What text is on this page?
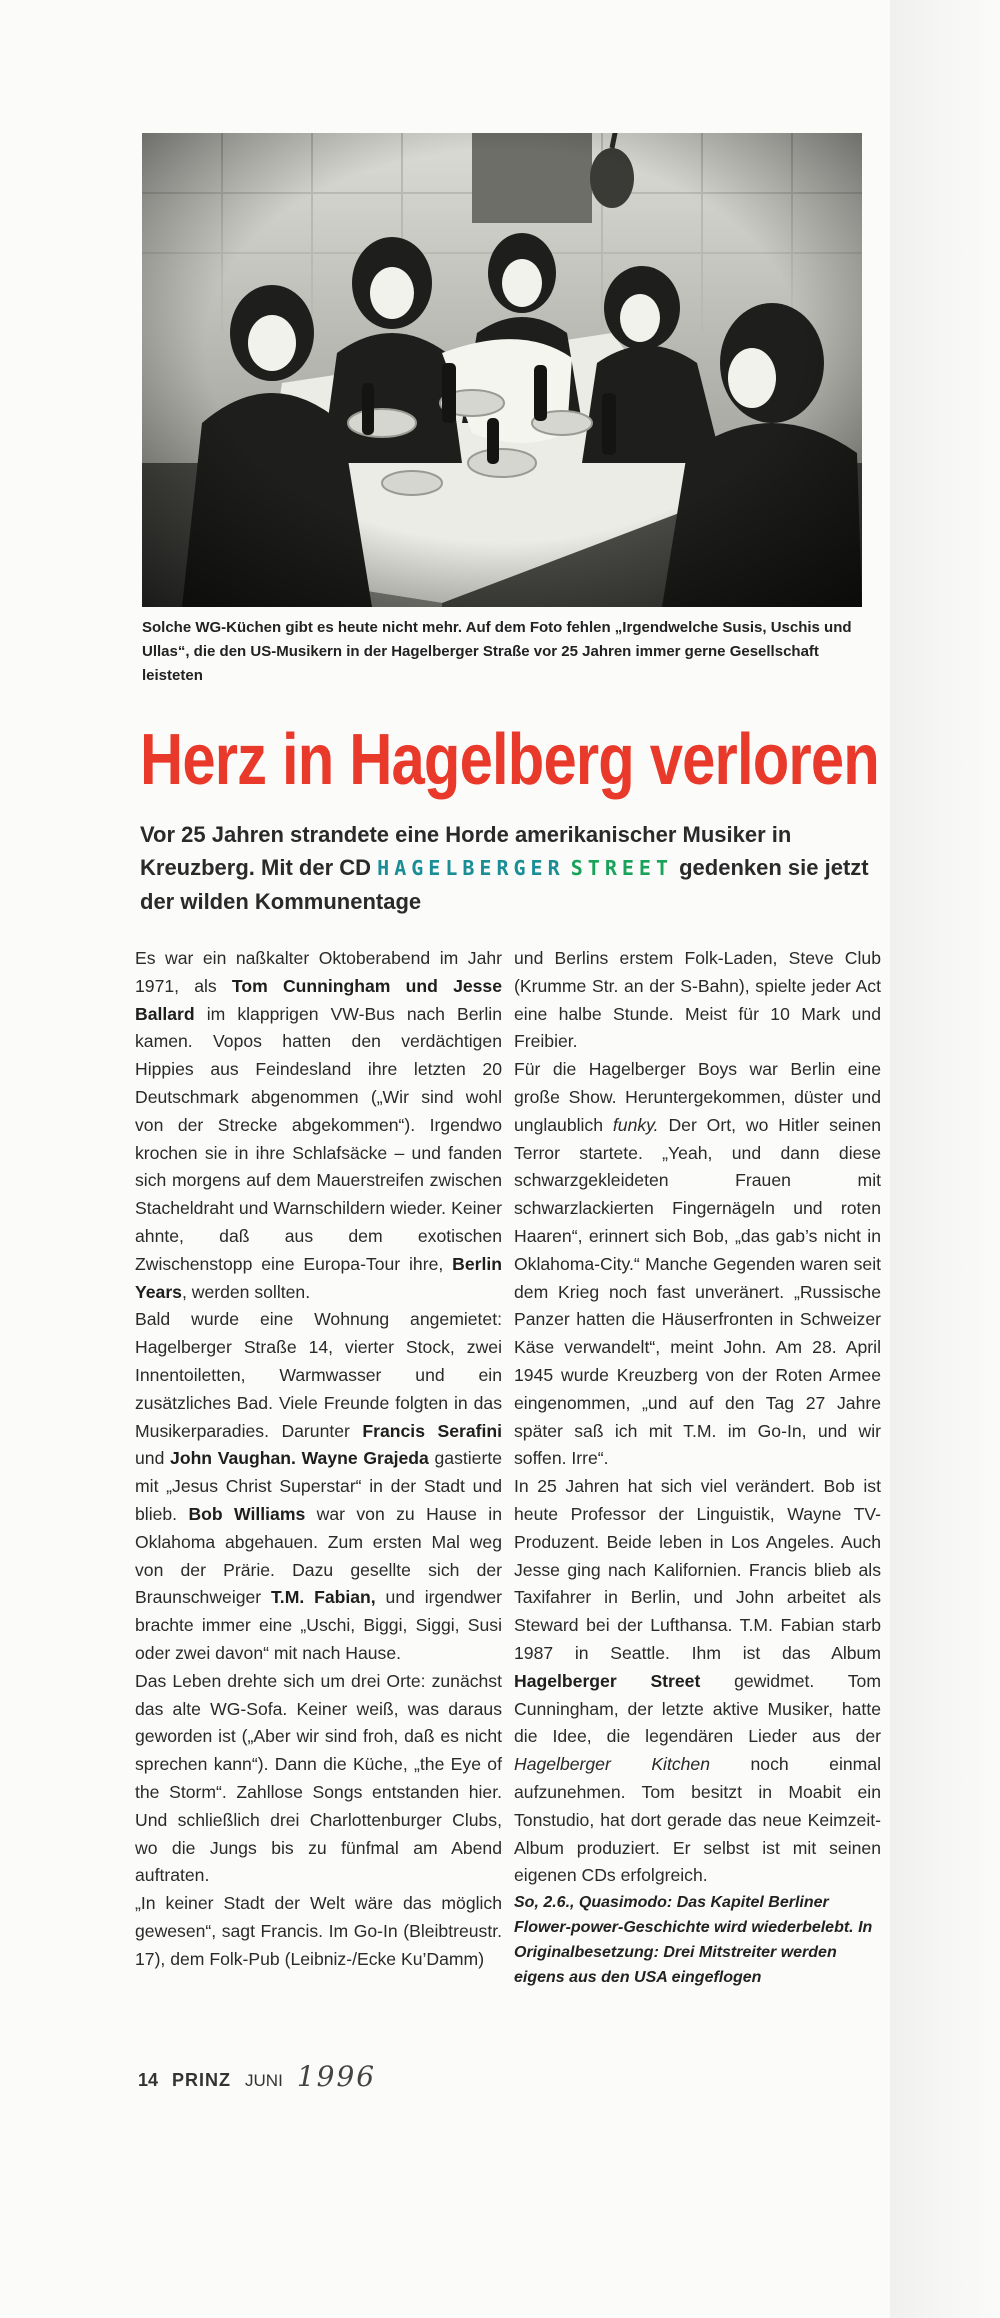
Solche WG-Küchen gibt es heute nicht mehr. Auf dem Foto fehlen „Irgendwelche Susis, Uschis und Ullas“, die den US-Musikern in der Hagelberger Straße vor 25 Jahren immer gerne Gesellschaft leisteten
Herz in Hagelberg verloren
Vor 25 Jahren strandete eine Horde amerikanischer Musiker in Kreuzberg. Mit der CD HAGELBERGER STREET gedenken sie jetzt der wilden Kommunentage

Es war ein naßkalter Oktoberabend im Jahr 1971, als Tom Cunningham und Jesse Ballard im klapprigen VW-Bus nach Berlin kamen. Vopos hatten den verdächtigen Hippies aus Feindesland ihre letzten 20 Deutschmark abgenommen („Wir sind wohl von der Strecke abgekommen“). Irgendwo krochen sie in ihre Schlafsäcke – und fanden sich morgens auf dem Mauerstreifen zwischen Stacheldraht und Warnschildern wieder. Keiner ahnte, daß aus dem exotischen Zwischenstopp eine Europa-Tour ihre, Berlin Years, werden sollten.

Bald wurde eine Wohnung angemietet: Hagelberger Straße 14, vierter Stock, zwei Innentoiletten, Warmwasser und ein zusätzliches Bad. Viele Freunde folgten in das Musikerparadies. Darunter Francis Serafini und John Vaughan. Wayne Grajeda gastierte mit „Jesus Christ Superstar“ in der Stadt und blieb. Bob Williams war von zu Hause in Oklahoma abgehauen. Zum ersten Mal weg von der Prärie. Dazu gesellte sich der Braunschweiger T.M. Fabian, und irgendwer brachte immer eine „Uschi, Biggi, Siggi, Susi oder zwei davon“ mit nach Hause.

Das Leben drehte sich um drei Orte: zunächst das alte WG-Sofa. Keiner weiß, was daraus geworden ist („Aber wir sind froh, daß es nicht sprechen kann“). Dann die Küche, „the Eye of the Storm“. Zahllose Songs entstanden hier. Und schließlich drei Charlottenburger Clubs, wo die Jungs bis zu fünfmal am Abend auftraten.

„In keiner Stadt der Welt wäre das möglich gewesen“, sagt Francis. Im Go-In (Bleibtreustr. 17), dem Folk-Pub (Leibniz-/Ecke Ku’Damm)

und Berlins erstem Folk-Laden, Steve Club (Krumme Str. an der S-Bahn), spielte jeder Act eine halbe Stunde. Meist für 10 Mark und Freibier.

Für die Hagelberger Boys war Berlin eine große Show. Heruntergekommen, düster und unglaublich funky. Der Ort, wo Hitler seinen Terror startete. „Yeah, und dann diese schwarzgekleideten Frauen mit schwarzlackierten Fingernägeln und roten Haaren“, erinnert sich Bob, „das gab’s nicht in Oklahoma-City.“ Manche Gegenden waren seit dem Krieg noch fast unveränert. „Russische Panzer hatten die Häuserfronten in Schweizer Käse verwandelt“, meint John. Am 28. April 1945 wurde Kreuzberg von der Roten Armee eingenommen, „und auf den Tag 27 Jahre später saß ich mit T.M. im Go-In, und wir soffen. Irre“.

In 25 Jahren hat sich viel verändert. Bob ist heute Professor der Linguistik, Wayne TV-Produzent. Beide leben in Los Angeles. Auch Jesse ging nach Kalifornien. Francis blieb als Taxifahrer in Berlin, und John arbeitet als Steward bei der Lufthansa. T.M. Fabian starb 1987 in Seattle. Ihm ist das Album Hagelberger Street gewidmet. Tom Cunningham, der letzte aktive Musiker, hatte die Idee, die legendären Lieder aus der Hagelberger Kitchen noch einmal aufzunehmen. Tom besitzt in Moabit ein Tonstudio, hat dort gerade das neue Keimzeit-Album produziert. Er selbst ist mit seinen eigenen CDs erfolgreich.

So, 2.6., Quasimodo: Das Kapitel Berliner Flower-power-Geschichte wird wiederbelebt. In Originalbesetzung: Drei Mitstreiter werden eigens aus den USA eingeflogen

14 PRINZ JUNI 1996
